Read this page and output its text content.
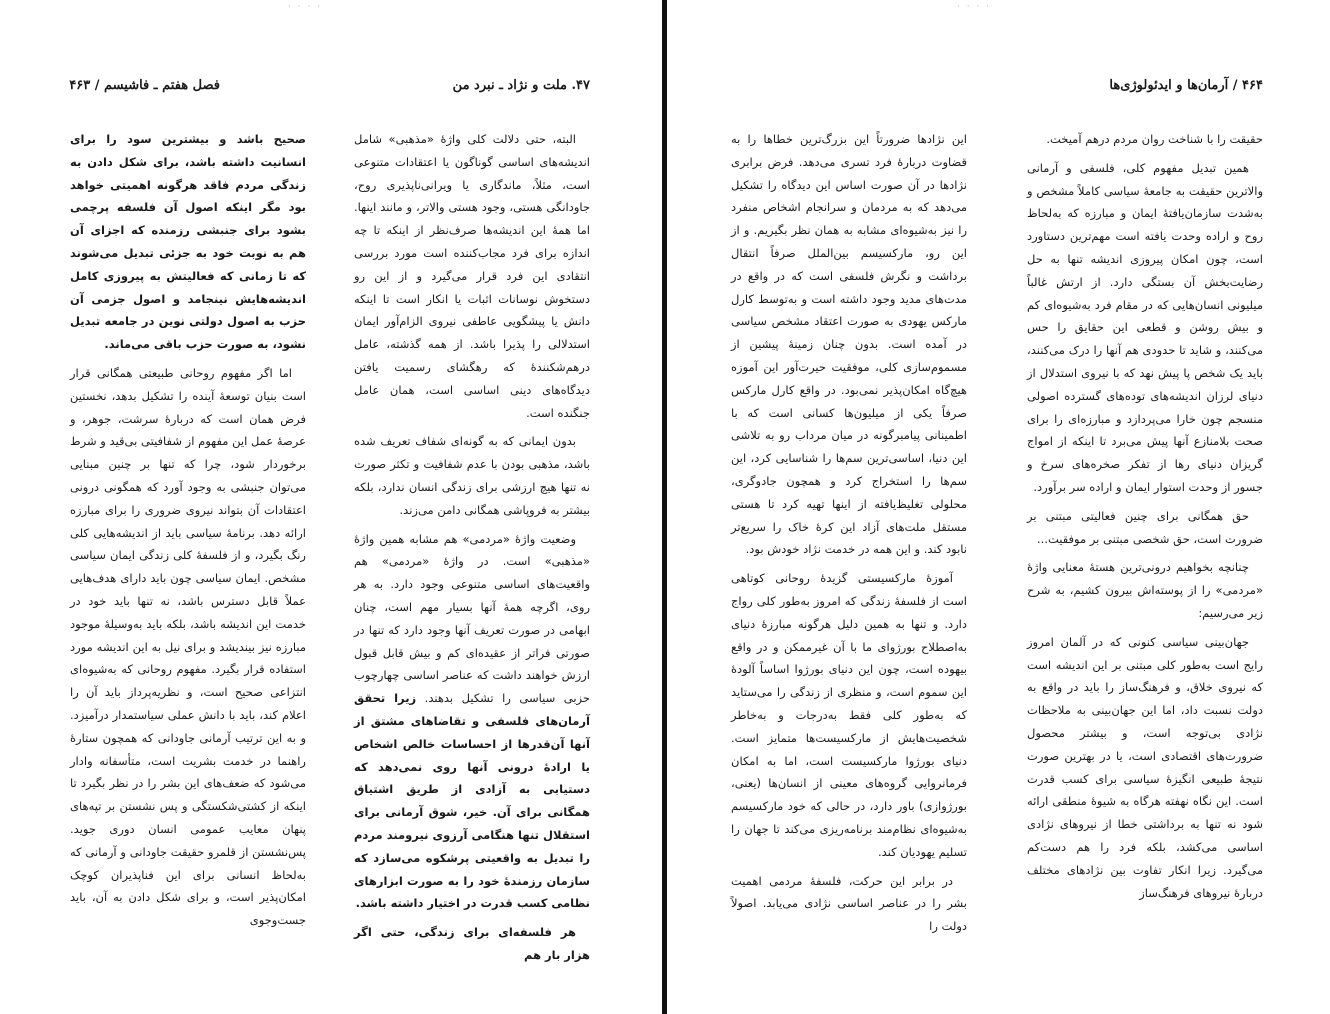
· · · ·
۴۷. ملت و نژاد ـ نبرد من
فصل هفتم ـ فاشیسم / ۴۶۳

البته، حتی دلالت کلی واژهٔ «مذهبی» شامل اندیشه‌های اساسی گوناگون یا اعتقادات متنوعی است، مثلاً، ماندگاری یا ویرانی‌ناپذیری روح، جاودانگی هستی، وجود هستی والاتر، و مانند اینها. اما همهٔ این اندیشه‌ها صرف‌نظر از اینکه تا چه اندازه برای فرد مجاب‌کننده است مورد بررسی انتقادی این فرد قرار می‌گیرد و از این رو دستخوش نوسانات اثبات یا انکار است تا اینکه دانش یا پیشگویی عاطفی نیروی الزام‌آور ایمان استدلالی را پذیرا باشد. از همه گذشته، عامل درهم‌شکنندهٔ که رهگشای رسمیت یافتن دیدگاه‌های دینی اساسی است، همان عامل جنگنده است.

بدون ایمانی که به گونه‌ای شفاف تعریف شده باشد، مذهبی بودن با عدم شفافیت و تکثر صورت نه تنها هیچ ارزشی برای زندگی انسان ندارد، بلکه بیشتر به فروپاشی همگانی دامن می‌زند.

وضعیت واژهٔ «مردمی» هم مشابه همین واژهٔ «مذهبی» است. در واژهٔ «مردمی» هم واقعیت‌های اساسی متنوعی وجود دارد. به هر روی، اگرچه همهٔ آنها بسیار مهم است، چنان ابهامی در صورت تعریف آنها وجود دارد که تنها در صورتی فراتر از عقیده‌ای کم و بیش قابل قبول ارزش خواهند داشت که عناصر اساسی چهارچوب حزبی سیاسی را تشکیل بدهند. زیرا تحقق آرمان‌های فلسفی و تقاضاهای مشتق از آنها آن‌قدرها از احساسات خالص اشخاص یا ارادهٔ درونی آنها روی نمی‌دهد که دستیابی به آزادی از طریق اشتیاق همگانی برای آن. خیر، شوق آرمانی برای استقلال تنها هنگامی آرزوی نیرومند مردم را تبدیل به واقعیتی پرشکوه می‌سازد که سازمان رزمندهٔ خود را به صورت ابزارهای نظامی کسب قدرت در اختیار داشته باشد.

هر فلسفه‌ای برای زندگی، حتی اگر هزار بار هم

صحیح باشد و بیشترین سود را برای انسانیت داشته باشد، برای شکل دادن به زندگی مردم فاقد هرگونه اهمیتی خواهد بود مگر اینکه اصول آن فلسفه پرچمی بشود برای جنبشی رزمنده که اجزای آن هم به نوبت خود به جزئی تبدیل می‌شوند که تا زمانی که فعالیتش به پیروزی کامل اندیشه‌هایش نینجامد و اصول جزمی آن حزب به اصول دولتی نوین در جامعه تبدیل نشود، به صورت حزب باقی می‌ماند.

اما اگر مفهوم روحانی طبیعتی همگانی قرار است بنیان توسعهٔ آینده را تشکیل بدهد، نخستین فرض همان است که دربارهٔ سرشت، جوهر، و عرصهٔ عمل این مفهوم از شفافیتی بی‌قید و شرط برخوردار شود، چرا که تنها بر چنین مبنایی می‌توان جنبشی به وجود آورد که همگونی درونی اعتقادات آن بتواند نیروی ضروری را برای مبارزه ارائه دهد. برنامهٔ سیاسی باید از اندیشه‌هایی کلی رنگ بگیرد، و از فلسفهٔ کلی زندگی ایمان سیاسی مشخص. ایمان سیاسی چون باید دارای هدف‌هایی عملاً قابل دسترس باشد، نه تنها باید خود در خدمت این اندیشه باشد، بلکه باید به‌وسیلهٔ موجود مبارزه نیز بیندیشد و برای نیل به این اندیشه مورد استفاده قرار بگیرد. مفهوم روحانی که به‌شیوه‌ای انتزاعی صحیح است، و نظریه‌پرداز باید آن را اعلام کند، باید با دانش عملی سیاستمدار درآمیزد. و به این ترتیب آرمانی جاودانی که همچون ستارهٔ راهنما در خدمت بشریت است، متأسفانه وادار می‌شود که ضعف‌های این بشر را در نظر بگیرد تا اینکه از کشتی‌شکستگی و پس نشستن بر تپه‌های پنهان معایب عمومی انسان دوری جوید. پس‌نشستن از قلمرو حقیقت جاودانی و آرمانی که به‌لحاظ انسانی برای این فناپذیران کوچک امکان‌پذیر است، و برای شکل دادن به آن، باید جست‌وجوی

· · · ·
۴۶۴ / آرمان‌ها و ایدئولوژی‌ها

حقیقت را با شناخت روان مردم درهم آمیخت.

همین تبدیل مفهوم کلی، فلسفی و آرمانی والاترین حقیقت به جامعهٔ سیاسی کاملاً مشخص و به‌شدت سازمان‌یافتهٔ ایمان و مبارزه که به‌لحاظ روح و اراده وحدت یافته است مهم‌ترین دستاورد است، چون امکان پیروزی اندیشه تنها به حل رضایت‌بخش آن بستگی دارد. از ارتش غالباً میلیونی انسان‌هایی که در مقام فرد به‌شیوه‌ای کم و بیش روشن و قطعی این حقایق را حس می‌کنند، و شاید تا حدودی هم آنها را درک می‌کنند، باید یک شخص پا پیش نهد که با نیروی استدلال از دنیای لرزان اندیشه‌های توده‌های گسترده اصولی منسجم چون خارا می‌پردازد و مبارزه‌ای را برای صحت بلامنازع آنها پیش می‌برد تا اینکه از امواج گریزان دنیای رها از تفکر صخره‌های سرخ و جسور از وحدت استوار ایمان و اراده سر برآورد.

حق همگانی برای چنین فعالیتی مبتنی بر ضرورت است، حق شخصی مبتنی بر موفقیت...

چنانچه بخواهیم درونی‌ترین هستهٔ معنایی واژهٔ «مردمی» را از پوسته‌اش بیرون کشیم، به شرح زیر می‌رسیم:

جهان‌بینی سیاسی کنونی که در آلمان امروز رایج است به‌طور کلی مبتنی بر این اندیشه است که نیروی خلاق، و فرهنگ‌ساز را باید در واقع به دولت نسبت داد، اما این جهان‌بینی به ملاحظات نژادی بی‌توجه است، و بیشتر محصول ضرورت‌های اقتصادی است، یا در بهترین صورت نتیجهٔ طبیعی انگیزهٔ سیاسی برای کسب قدرت است. این نگاه نهفته هرگاه به شیوهٔ منطقی ارائه شود نه تنها به برداشتی خطا از نیروهای نژادی اساسی می‌کشد، بلکه فرد را هم دست‌کم می‌گیرد. زیرا انکار تفاوت بین نژادهای مختلف دربارهٔ نیروهای فرهنگ‌ساز

این نژادها ضرورتاً این بزرگ‌ترین خطاها را به قضاوت دربارهٔ فرد تسری می‌دهد. فرض برابری نژادها در آن صورت اساس این دیدگاه را تشکیل می‌دهد که به مردمان و سرانجام اشخاص منفرد را نیز به‌شیوه‌ای مشابه به همان نظر بگیریم. و از این رو، مارکسیسم بین‌الملل صرفاً انتقال برداشت و نگرش فلسفی است که در واقع در مدت‌های مدید وجود داشته است و به‌توسط کارل مارکس یهودی به صورت اعتقاد مشخص سیاسی در آمده است. بدون چنان زمینهٔ پیشین از مسموم‌سازی کلی، موفقیت حیرت‌آور این آموزه هیچ‌گاه امکان‌پذیر نمی‌بود. در واقع کارل مارکس صرفاً یکی از میلیون‌ها کسانی است که با اطمینانی پیامبرگونه در میان مرداب رو به تلاشی این دنیا، اساسی‌ترین سم‌ها را شناسایی کرد، این سم‌ها را استخراج کرد و همچون جادوگری، محلولی تغلیظ‌یافته از اینها تهیه کرد تا هستی مستقل ملت‌های آزاد این کرهٔ خاک را سریع‌تر نابود کند. و این همه در خدمت نژاد خودش بود.

آموزهٔ مارکسیستی گزیدهٔ روحانی کوتاهی است از فلسفهٔ زندگی که امروز به‌طور کلی رواج دارد. و تنها به همین دلیل هرگونه مبارزهٔ دنیای به‌اصطلاح بورژوای ما با آن غیرممکن و در واقع بیهوده است، چون این دنیای بورژوا اساساً آلودهٔ این سموم است، و منظری از زندگی را می‌ستاید که به‌طور کلی فقط به‌درجات و به‌خاطر شخصیت‌هایش از مارکسیست‌ها متمایز است. دنیای بورژوا مارکسیست است، اما به امکان فرمانروایی گروه‌های معینی از انسان‌ها (یعنی، بورژوازی) باور دارد، در حالی که خود مارکسیسم به‌شیوه‌ای نظام‌مند برنامه‌ریزی می‌کند تا جهان را تسلیم یهودیان کند.

در برابر این حرکت، فلسفهٔ مردمی اهمیت بشر را در عناصر اساسی نژادی می‌یابد. اصولاً دولت را
